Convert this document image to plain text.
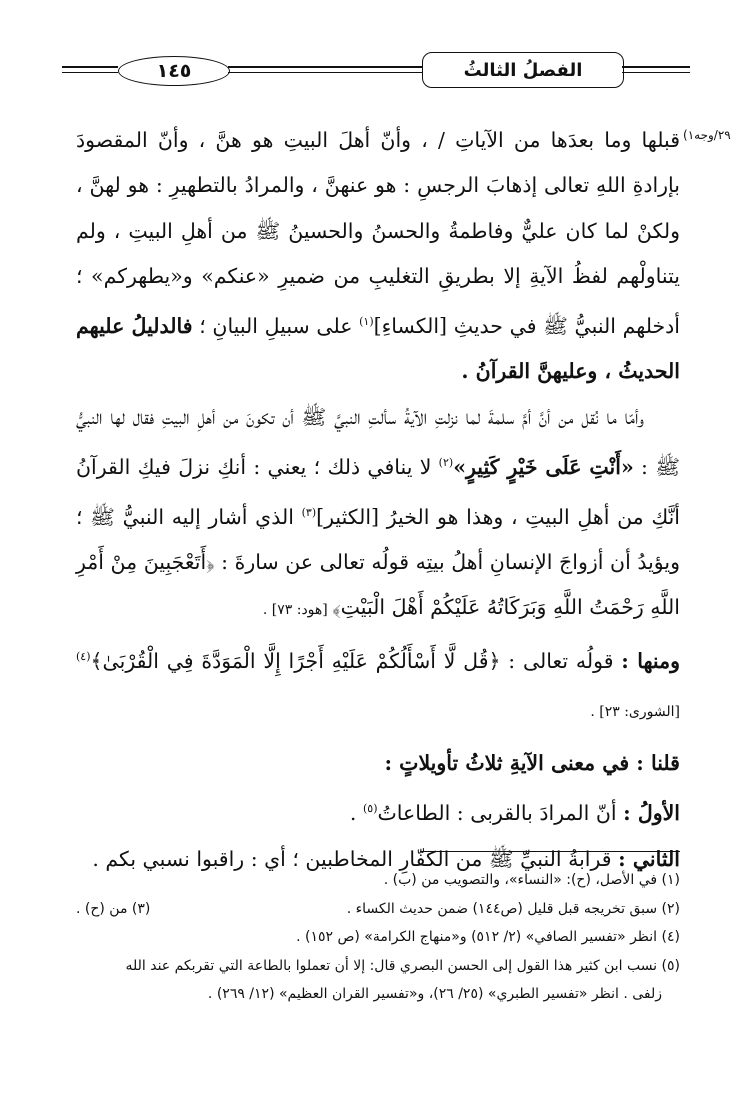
١٤٥	الفصلُ الثالثُ
٢٩/وجه١)

قبلها وما بعدَها من الآياتِ / ، وأنّ أهلَ البيتِ هو هنَّ ، وأنّ المقصودَ بإرادةِ اللهِ تعالى إذهابَ الرجسِ : هو عنهنَّ ، والمرادُ بالتطهيرِ : هو لهنَّ ، ولكنْ لما كان عليٌّ وفاطمةُ والحسنُ والحسينُ ﷺ من أهلِ البيتِ ، ولم يتناولْهم لفظُ الآيةِ إلا بطريقِ التغليبِ من ضميرِ «عنكم» و«يطهركم» ؛ أدخلهم النبيُّ ﷺ في حديثِ [الكساءِ]$^{(١)}$ على سبيلِ البيانِ ؛ فالدليلُ عليهم الحديثُ ، وعليهنَّ القرآنُ .

وأمّا ما نُقل من أنَّ أمَّ سلمةَ لما نزلتِ الآيةُ سألتِ النبيَّ ﷺ أن تكونَ من أهلِ البيتِ فقال لها النبيُّ ﷺ : «أَنْتِ عَلَى خَيْرٍ كَثِيرٍ»$^{(٢)}$ لا ينافي ذلك ؛ يعني : أنكِ نزلَ فيكِ القرآنُ أنَّكِ من أهلِ البيتِ ، وهذا هو الخيرُ [الكثير]$^{(٣)}$ الذي أشار إليه النبيُّ ﷺ ؛ ويؤيدُ أن أزواجَ الإنسانِ أهلُ بيتِه قولُه تعالى عن سارةَ : ﴿أَتَعْجَبِينَ مِنْ أَمْرِ اللَّهِ رَحْمَتُ اللَّهِ وَبَرَكَاتُهُ عَلَيْكُمْ أَهْلَ الْبَيْتِ﴾ [هود: ٧٣] .

ومنها : قولُه تعالى : ﴿قُل لَّا أَسْأَلُكُمْ عَلَيْهِ أَجْرًا إِلَّا الْمَوَدَّةَ فِي الْقُرْبَىٰ﴾$^{(٤)}$ [الشورى: ٢٣] .

قلنا : في معنى الآيةِ ثلاثُ تأويلاتٍ :

الأولُ : أنّ المرادَ بالقربى : الطاعاتُ$^{(٥)}$ .

الثاني : قرابةُ النبيِّ ﷺ من الكفّارِ المخاطبين ؛ أي : راقبوا نسبي بكم .

(١) في الأصل، (ح): «النساء»، والتصويب من (ب) .
(٢) سبق تخريجه قبل قليل (ص١٤٤) ضمن حديث الكساء .
(٣) من (ح) .
(٤) انظر «تفسير الصافي» (٢/ ٥١٢) و«منهاج الكرامة» (ص ١٥٢) .
(٥) نسب ابن كثير هذا القول إلى الحسن البصري قال: إلا أن تعملوا بالطاعة التي تقربكم عند الله
زلفى . انظر «تفسير الطبري» (٢٥/ ٢٦)، و«تفسير القران العظيم» (١٢/ ٢٦٩) .
